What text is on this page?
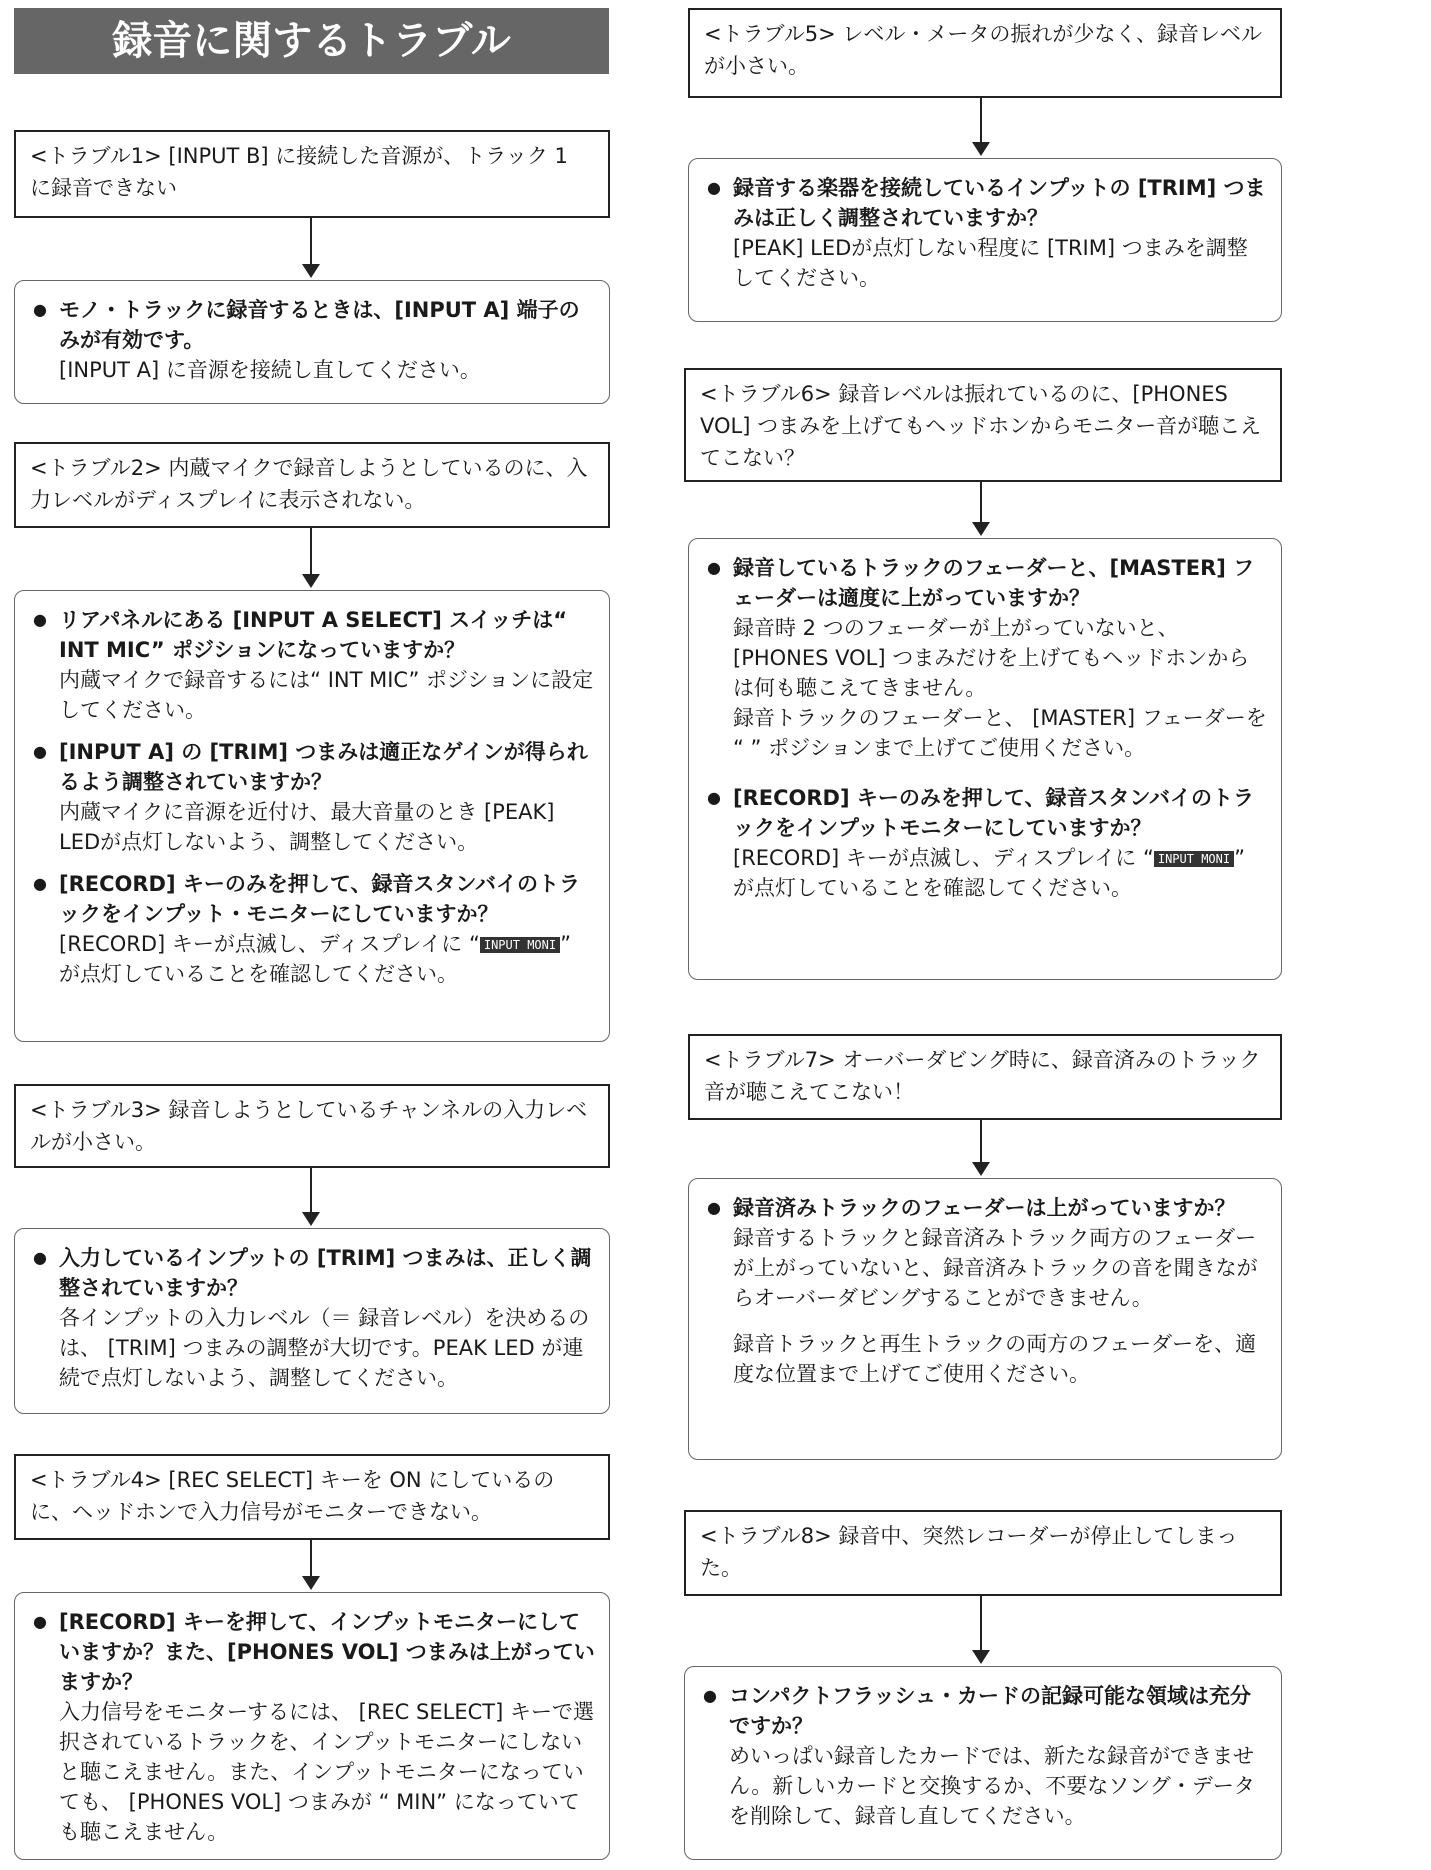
録音に関するトラブル
<トラブル1> [INPUT B] に接続した音源が、トラック 1 に録音できない
● モノ・トラックに録音するときは、[INPUT A] 端子のみが有効です。
[INPUT A] に音源を接続し直してください。
<トラブル2> 内蔵マイクで録音しようとしているのに、入力レベルがディスプレイに表示されない。
● リアパネルにある [INPUT A SELECT] スイッチは“ INT MIC” ポジションになっていますか？
内蔵マイクで録音するには“ INT MIC” ポジションに設定してください。
● [INPUT A] の [TRIM] つまみは適正なゲインが得られるよう調整されていますか？
内蔵マイクに音源を近付け、最大音量のとき [PEAK] LEDが点灯しないよう、調整してください。
● [RECORD] キーのみを押して、録音スタンバイのトラックをインプット・モニターにしていますか？
[RECORD] キーが点滅し、ディスプレイに “ INPUT MONI ” が点灯していることを確認してください。
<トラブル3> 録音しようとしているチャンネルの入力レベルが小さい。
● 入力しているインプットの [TRIM] つまみは、正しく調整されていますか？
各インプットの入力レベル（＝ 録音レベル）を決めるのは、 [TRIM] つまみの調整が大切です。PEAK LED が連続で点灯しないよう、調整してください。
<トラブル4> [REC SELECT] キーを ON にしているのに、ヘッドホンで入力信号がモニターできない。
● [RECORD] キーを押して、インプットモニターにしていますか？また、[PHONES VOL] つまみは上がっていますか？
入力信号をモニターするには、 [REC SELECT] キーで選択されているトラックを、インプットモニターにしないと聴こえません。また、インプットモニターになっていても、 [PHONES VOL] つまみが “ MIN” になっていても聴こえません。
<トラブル5> レベル・メータの振れが少なく、録音レベルが小さい。
● 録音する楽器を接続しているインプットの [TRIM] つまみは正しく調整されていますか？
[PEAK] LEDが点灯しない程度に [TRIM] つまみを調整してください。
<トラブル6> 録音レベルは振れているのに、[PHONES VOL] つまみを上げてもヘッドホンからモニター音が聴こえてこない？
● 録音しているトラックのフェーダーと、[MASTER] フェーダーは適度に上がっていますか？
録音時 2 つのフェーダーが上がっていないと、[PHONES VOL] つまみだけを上げてもヘッドホンからは何も聴こえてきません。
録音トラックのフェーダーと、 [MASTER] フェーダーを “ ” ポジションまで上げてご使用ください。
● [RECORD] キーのみを押して、録音スタンバイのトラックをインプットモニターにしていますか？
[RECORD] キーが点滅し、ディスプレイに “ INPUT MONI ” が点灯していることを確認してください。
<トラブル7> オーバーダビング時に、録音済みのトラック音が聴こえてこない！
● 録音済みトラックのフェーダーは上がっていますか？
録音するトラックと録音済みトラック両方のフェーダーが上がっていないと、録音済みトラックの音を聞きながらオーバーダビングすることができません。
録音トラックと再生トラックの両方のフェーダーを、適度な位置まで上げてご使用ください。
<トラブル8> 録音中、突然レコーダーが停止してしまった。
● コンパクトフラッシュ・カードの記録可能な領域は充分ですか？
めいっぱい録音したカードでは、新たな録音ができません。新しいカードと交換するか、不要なソング・データを削除して、録音し直してください。
